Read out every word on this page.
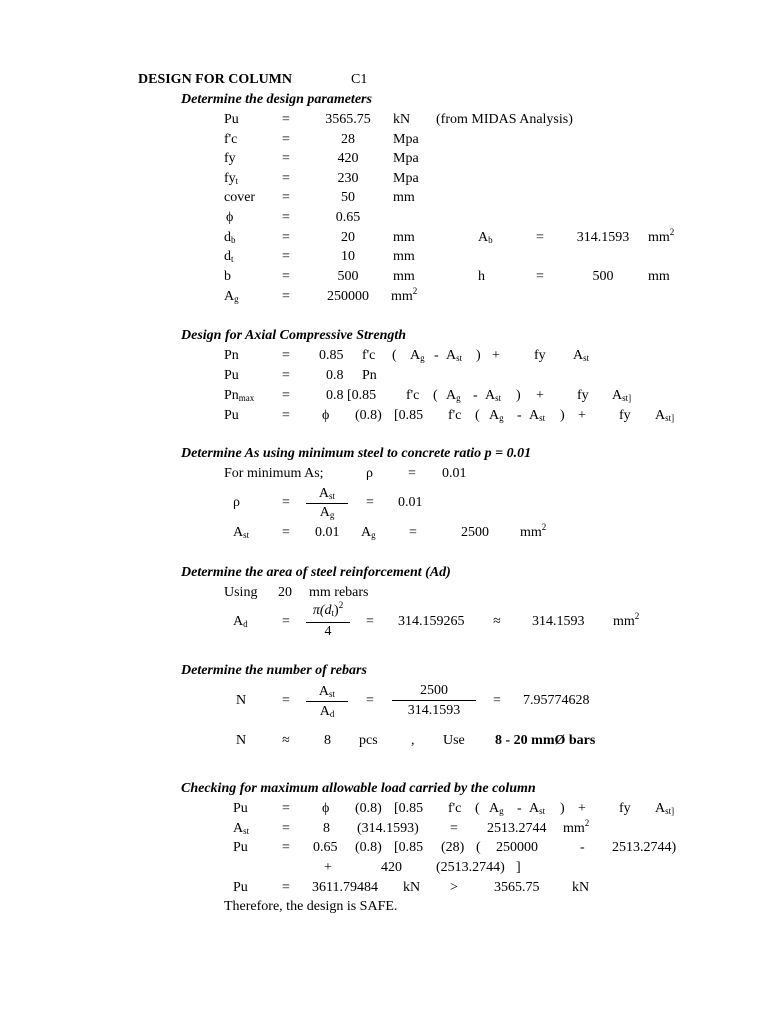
DESIGN FOR COLUMN	C1
Determine the design parameters
Pu	=	3565.75	kN (from MIDAS Analysis)
f'c	=	28	Mpa
fy	=	420	Mpa
$fy_t$	=	230	Mpa
cover	=	50	mm
ϕ	=	0.65
$d_b$	=	20	mm	$A_b$	=	314.1593	$mm^2$
$d_t$	=	10	mm
b	=	500	mm	h	=	500	mm
$A_g$	=	250000	$mm^2$
Design for Axial Compressive Strength
Pn	=	0.85 f'c ( $A_g - A_{st}$ ) + fy $A_{st}$
Pu	=	0.8 Pn
$Pn_{max}$	=	0.8 [0.85 f'c ( $A_g - A_{st}$ ) + fy $A_{st]}$
Pu	=	ϕ (0.8) [0.85 f'c ( $A_g - A_{st}$ ) + fy $A_{st]}$
Determine As using minimum steel to concrete ratio p = 0.01
For minimum As;	ρ	=	0.01
ρ	=
$A_{st}$
$A_g$
=	0.01
$A_{st}$	=	0.01 $A_g$	=	2500 $mm^2$
Determine the area of steel reinforcement (Ad)
Using 20 mm rebars
$A_d$	=
$\pi(d_t)^2$
4
=	314.159265	≈	314.1593 $mm^2$
Determine the number of rebars
N	=
$A_{st}$
$A_d$
=
2500
314.1593
=	7.95774628
N	≈	8 pcs , Use 8 - 20 mmØ bars
Checking for maximum allowable load carried by the column
Pu	=	ϕ (0.8) [0.85 f'c ( $A_g - A_{st}$ ) + fy $A_{st]}$
$A_{st}$	=	8 (314.1593)	=	2513.2744 $mm^2$
Pu	=	0.65 (0.8) [0.85 (28) ( 250000	- 2513.2744)
+	420 (2513.2744) ]
Pu	=	3611.79484 kN	>	3565.75 kN
Therefore, the design is SAFE.
